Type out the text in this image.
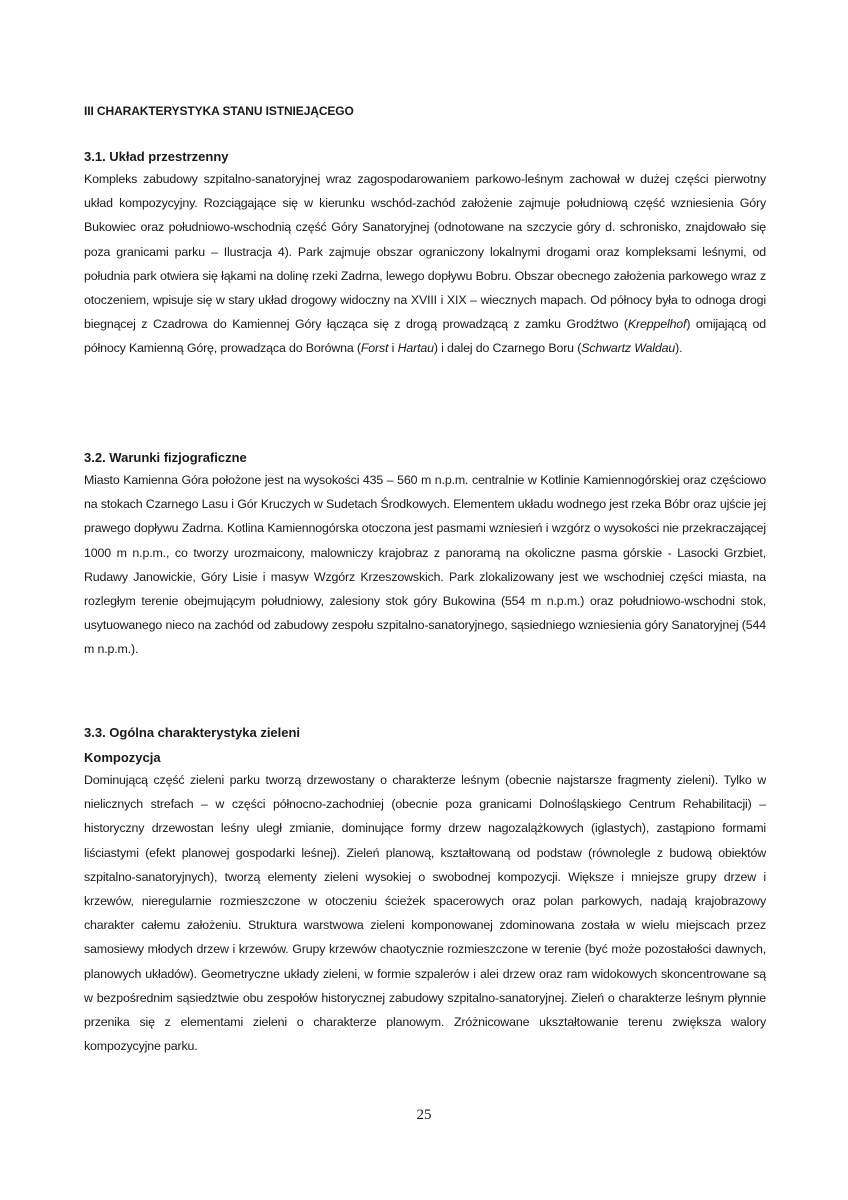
III CHARAKTERYSTYKA STANU ISTNIEJĄCEGO
3.1. Układ przestrzenny

Kompleks zabudowy szpitalno-sanatoryjnej wraz zagospodarowaniem parkowo-leśnym zachował w dużej części pierwotny układ kompozycyjny. Rozciągające się w kierunku wschód-zachód założenie zajmuje południową część wzniesienia Góry Bukowiec oraz południowo-wschodnią część Góry Sanatoryjnej (odnotowane na szczycie góry d. schronisko, znajdowało się poza granicami parku – Ilustracja 4). Park zajmuje obszar ograniczony lokalnymi drogami oraz kompleksami leśnymi, od południa park otwiera się łąkami na dolinę rzeki Zadrna, lewego dopływu Bobru. Obszar obecnego założenia parkowego wraz z otoczeniem, wpisuje się w stary układ drogowy widoczny na XVIII i XIX – wiecznych mapach. Od północy była to odnoga drogi biegnącej z Czadrowa do Kamiennej Góry łącząca się z drogą prowadzącą z zamku Grodźtwo (Kreppelhof) omijającą od północy Kamienną Górę, prowadząca do Borówna (Forst i Hartau) i dalej do Czarnego Boru (Schwartz Waldau).

3.2. Warunki fizjograficzne

Miasto Kamienna Góra położone jest na wysokości 435 – 560 m n.p.m. centralnie w Kotlinie Kamiennogórskiej oraz częściowo na stokach Czarnego Lasu i Gór Kruczych w Sudetach Środkowych. Elementem układu wodnego jest rzeka Bóbr oraz ujście jej prawego dopływu Zadrna. Kotlina Kamiennogórska otoczona jest pasmami wzniesień i wzgórz o wysokości nie przekraczającej 1000 m n.p.m., co tworzy urozmaicony, malowniczy krajobraz z panoramą na okoliczne pasma górskie - Lasocki Grzbiet, Rudawy Janowickie, Góry Lisie i masyw Wzgórz Krzeszowskich. Park zlokalizowany jest we wschodniej części miasta, na rozległym terenie obejmującym południowy, zalesiony stok góry Bukowina (554 m n.p.m.) oraz południowo-wschodni stok, usytuowanego nieco na zachód od zabudowy zespołu szpitalno-sanatoryjnego, sąsiedniego wzniesienia góry Sanatoryjnej (544 m n.p.m.).

3.3. Ogólna charakterystyka zieleni
Kompozycja

Dominującą część zieleni parku tworzą drzewostany o charakterze leśnym (obecnie najstarsze fragmenty zieleni). Tylko w nielicznych strefach – w części północno-zachodniej (obecnie poza granicami Dolnośląskiego Centrum Rehabilitacji) – historyczny drzewostan leśny uległ zmianie, dominujące formy drzew nagozalążkowych (iglastych), zastąpiono formami liściastymi (efekt planowej gospodarki leśnej). Zieleń planową, kształtowaną od podstaw (równolegle z budową obiektów szpitalno-sanatoryjnych), tworzą elementy zieleni wysokiej o swobodnej kompozycji. Większe i mniejsze grupy drzew i krzewów, nieregularnie rozmieszczone w otoczeniu ścieżek spacerowych oraz polan parkowych, nadają krajobrazowy charakter całemu założeniu. Struktura warstwowa zieleni komponowanej zdominowana została w wielu miejscach przez samosiewy młodych drzew i krzewów. Grupy krzewów chaotycznie rozmieszczone w terenie (być może pozostałości dawnych, planowych układów). Geometryczne układy zieleni, w formie szpalerów i alei drzew oraz ram widokowych skoncentrowane są w bezpośrednim sąsiedztwie obu zespołów historycznej zabudowy szpitalno-sanatoryjnej. Zieleń o charakterze leśnym płynnie przenika się z elementami zieleni o charakterze planowym. Zróżnicowane ukształtowanie terenu zwiększa walory kompozycyjne parku.

25
